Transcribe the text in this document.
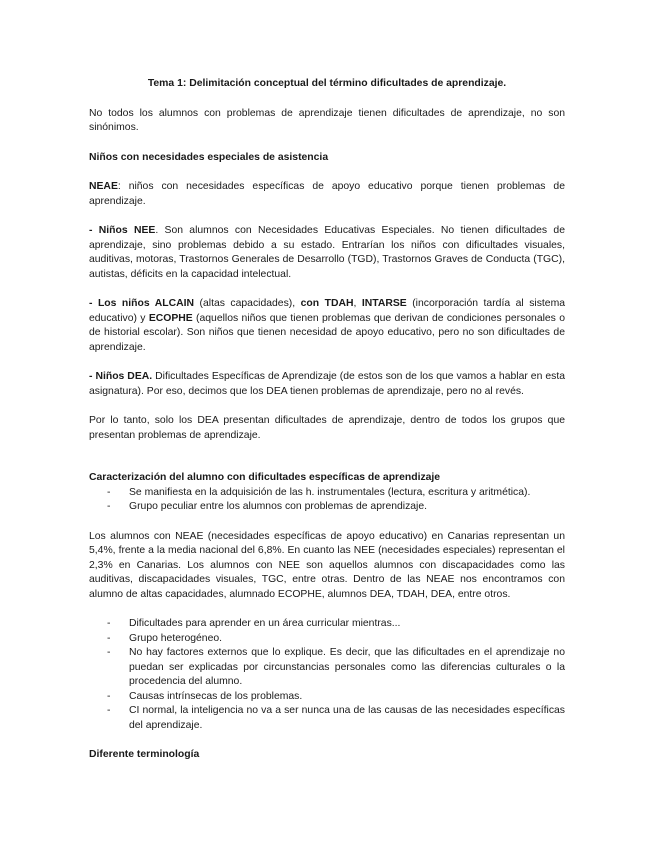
Tema 1: Delimitación conceptual del término dificultades de aprendizaje.

No todos los alumnos con problemas de aprendizaje tienen dificultades de aprendizaje, no son sinónimos.

Niños con necesidades especiales de asistencia

NEAE: niños con necesidades específicas de apoyo educativo porque tienen problemas de aprendizaje.

- Niños NEE. Son alumnos con Necesidades Educativas Especiales. No tienen dificultades de aprendizaje, sino problemas debido a su estado. Entrarían los niños con dificultades visuales, auditivas, motoras, Trastornos Generales de Desarrollo (TGD), Trastornos Graves de Conducta (TGC), autistas, déficits en la capacidad intelectual.

- Los niños ALCAIN (altas capacidades), con TDAH, INTARSE (incorporación tardía al sistema educativo) y ECOPHE (aquellos niños que tienen problemas que derivan de condiciones personales o de historial escolar). Son niños que tienen necesidad de apoyo educativo, pero no son dificultades de aprendizaje.

- Niños DEA. Dificultades Específicas de Aprendizaje (de estos son de los que vamos a hablar en esta asignatura). Por eso, decimos que los DEA tienen problemas de aprendizaje, pero no al revés.

Por lo tanto, solo los DEA presentan dificultades de aprendizaje, dentro de todos los grupos que presentan problemas de aprendizaje.

Caracterización del alumno con dificultades específicas de aprendizaje

- Se manifiesta en la adquisición de las h. instrumentales (lectura, escritura y aritmética).
- Grupo peculiar entre los alumnos con problemas de aprendizaje.

Los alumnos con NEAE (necesidades específicas de apoyo educativo) en Canarias representan un 5,4%, frente a la media nacional del 6,8%. En cuanto las NEE (necesidades especiales) representan el 2,3% en Canarias. Los alumnos con NEE son aquellos alumnos con discapacidades como las auditivas, discapacidades visuales, TGC, entre otras. Dentro de las NEAE nos encontramos con alumno de altas capacidades, alumnado ECOPHE, alumnos DEA, TDAH, DEA, entre otros.

- Dificultades para aprender en un área curricular mientras...
- Grupo heterogéneo.
- No hay factores externos que lo explique. Es decir, que las dificultades en el aprendizaje no puedan ser explicadas por circunstancias personales como las diferencias culturales o la procedencia del alumno.
- Causas intrínsecas de los problemas.
- CI normal, la inteligencia no va a ser nunca una de las causas de las necesidades específicas del aprendizaje.

Diferente terminología
